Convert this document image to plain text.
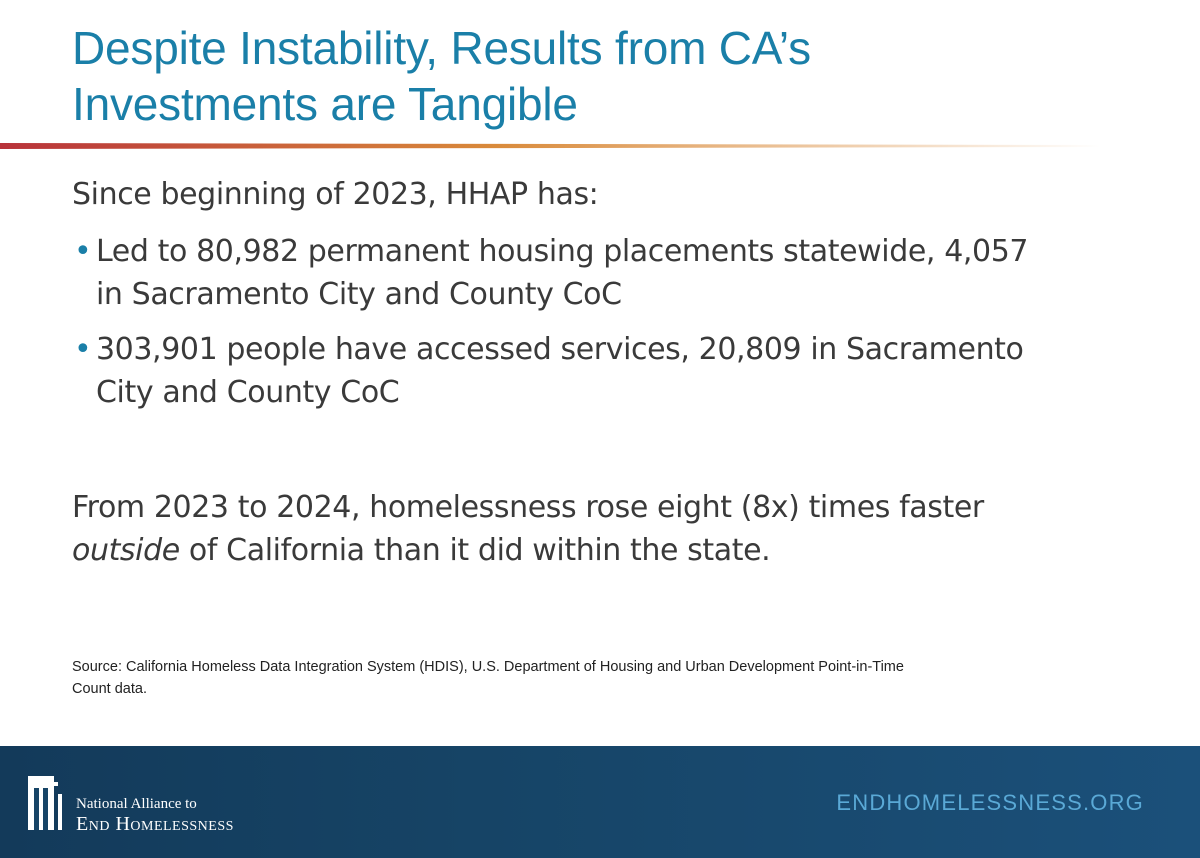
Despite Instability, Results from CA’s
Investments are Tangible

Since beginning of 2023, HHAP has:

• Led to 80,982 permanent housing placements statewide, 4,057
in Sacramento City and County CoC
• 303,901 people have accessed services, 20,809 in Sacramento
City and County CoC

From 2023 to 2024, homelessness rose eight (8x) times faster
outside of California than it did within the state.

Source: California Homeless Data Integration System (HDIS), U.S. Department of Housing and Urban Development Point-in-Time
Count data.

National Alliance to
End Homelessness
ENDHOMELESSNESS.ORG
